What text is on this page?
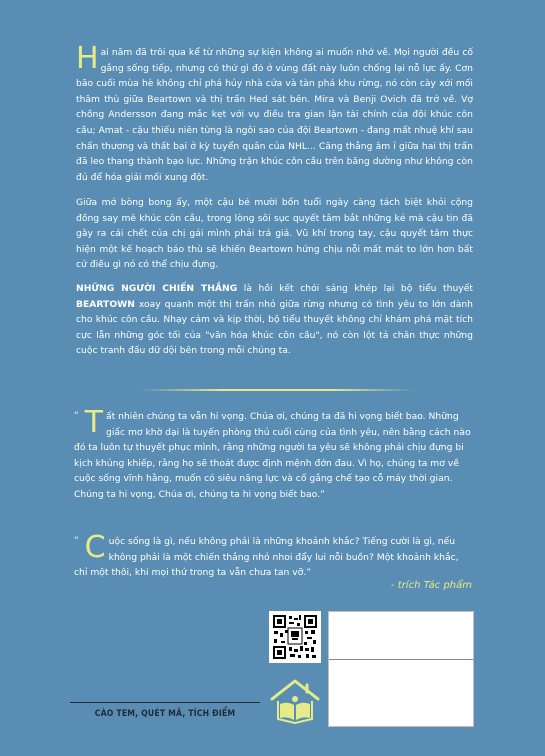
Hai năm đã trôi qua kể từ những sự kiện không ai muốn nhớ về. Mọi người đều cố gắng sống tiếp, nhưng có thứ gì đó ở vùng đất này luôn chống lại nỗ lực ấy. Cơn bão cuối mùa hè không chỉ phá hủy nhà cửa và tàn phá khu rừng, nó còn cày xới mối thâm thù giữa Beartown và thị trấn Hed sát bên. Mira và Benji Ovich đã trở về. Vợ chồng Andersson đang mắc kẹt với vụ điều tra gian lận tài chính của đội khúc côn cầu; Amat - cậu thiếu niên từng là ngôi sao của đội Beartown - đang mất nhuệ khí sau chấn thương và thất bại ở kỳ tuyển quân của NHL... Căng thẳng âm ỉ giữa hai thị trấn đã leo thang thành bạo lực. Những trận khúc côn cầu trên băng dường như không còn đủ để hóa giải mối xung đột.
Giữa mớ bòng bong ấy, một cậu bé mười bốn tuổi ngày càng tách biệt khỏi cộng đồng say mê khúc côn cầu, trong lòng sôi sục quyết tâm bắt những kẻ mà cậu tin đã gây ra cái chết của chị gái mình phải trả giá. Vũ khí trong tay, cậu quyết tâm thực hiện một kế hoạch báo thù sẽ khiến Beartown hứng chịu nỗi mất mát to lớn hơn bất cứ điều gì nó có thể chịu đựng.
NHỮNG NGƯỜI CHIẾN THẮNG là hồi kết chói sáng khép lại bộ tiểu thuyết BEARTOWN xoay quanh một thị trấn nhỏ giữa rừng nhưng có tình yêu to lớn dành cho khúc côn cầu. Nhạy cảm và kịp thời, bộ tiểu thuyết không chỉ khám phá mặt tích cực lẫn những góc tối của "văn hóa khúc côn cầu", nó còn lột tả chân thực những cuộc tranh đấu dữ dội bên trong mỗi chúng ta.
“ T ất nhiên chúng ta vẫn hi vọng. Chúa ơi, chúng ta đã hi vọng biết bao. Những giấc mơ khờ dại là tuyến phòng thủ cuối cùng của tình yêu, nên bằng cách nào đó ta luôn tự thuyết phục mình, rằng những người ta yêu sẽ không phải chịu đựng bi kịch khủng khiếp, rằng họ sẽ thoát được định mệnh đớn đau. Vì họ, chúng ta mơ về cuộc sống vĩnh hằng, muốn có siêu năng lực và cố gắng chế tạo cỗ máy thời gian. Chúng ta hi vọng, Chúa ơi, chúng ta hi vọng biết bao.”
“ C uộc sống là gì, nếu không phải là những khoảnh khắc? Tiếng cười là gì, nếu không phải là một chiến thắng nhỏ nhoi đẩy lui nỗi buồn? Một khoảnh khắc, chỉ một thôi, khi mọi thứ trong ta vẫn chưa tan vỡ.”
- trích Tác phẩm
CÀO TEM, QUÉT MÃ, TÍCH ĐIỂM
